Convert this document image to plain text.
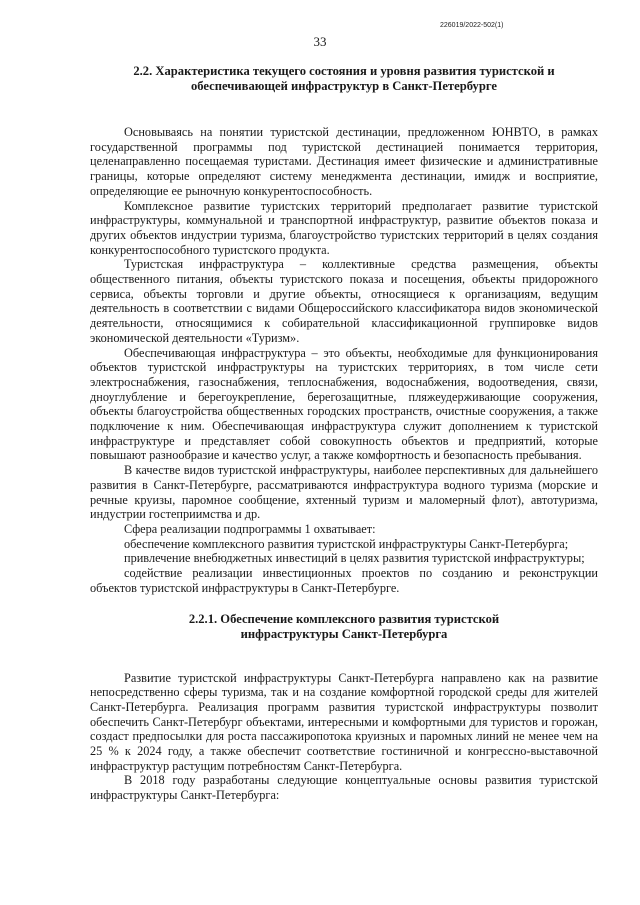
226019/2022-502(1)
33
2.2. Характеристика текущего состояния и уровня развития туристской и обеспечивающей инфраструктур в Санкт-Петербурге

Основываясь на понятии туристской дестинации, предложенном ЮНВТО, в рамках государственной программы под туристской дестинацией понимается территория, целенаправленно посещаемая туристами. Дестинация имеет физические и административные границы, которые определяют систему менеджмента дестинации, имидж и восприятие, определяющие ее рыночную конкурентоспособность.

Комплексное развитие туристских территорий предполагает развитие туристской инфраструктуры, коммунальной и транспортной инфраструктур, развитие объектов показа и других объектов индустрии туризма, благоустройство туристских территорий в целях создания конкурентоспособного туристского продукта.

Туристская инфраструктура – коллективные средства размещения, объекты общественного питания, объекты туристского показа и посещения, объекты придорожного сервиса, объекты торговли и другие объекты, относящиеся к организациям, ведущим деятельность в соответствии с видами Общероссийского классификатора видов экономической деятельности, относящимися к собирательной классификационной группировке видов экономической деятельности «Туризм».

Обеспечивающая инфраструктура – это объекты, необходимые для функционирования объектов туристской инфраструктуры на туристских территориях, в том числе сети электроснабжения, газоснабжения, теплоснабжения, водоснабжения, водоотведения, связи, дноуглубление и берегоукрепление, берегозащитные, пляжеудерживающие сооружения, объекты благоустройства общественных городских пространств, очистные сооружения, а также подключение к ним. Обеспечивающая инфраструктура служит дополнением к туристской инфраструктуре и представляет собой совокупность объектов и предприятий, которые повышают разнообразие и качество услуг, а также комфортность и безопасность пребывания.

В качестве видов туристской инфраструктуры, наиболее перспективных для дальнейшего развития в Санкт-Петербурге, рассматриваются инфраструктура водного туризма (морские и речные круизы, паромное сообщение, яхтенный туризм и маломерный флот), автотуризма, индустрии гостеприимства и др.

Сфера реализации подпрограммы 1 охватывает:

обеспечение комплексного развития туристской инфраструктуры Санкт-Петербурга;

привлечение внебюджетных инвестиций в целях развития туристской инфраструктуры;

содействие реализации инвестиционных проектов по созданию и реконструкции объектов туристской инфраструктуры в Санкт-Петербурге.

2.2.1. Обеспечение комплексного развития туристской инфраструктуры Санкт-Петербурга

Развитие туристской инфраструктуры Санкт-Петербурга направлено как на развитие непосредственно сферы туризма, так и на создание комфортной городской среды для жителей Санкт-Петербурга. Реализация программ развития туристской инфраструктуры позволит обеспечить Санкт-Петербург объектами, интересными и комфортными для туристов и горожан, создаст предпосылки для роста пассажиропотока круизных и паромных линий не менее чем на 25 % к 2024 году, а также обеспечит соответствие гостиничной и конгрессно-выставочной инфраструктур растущим потребностям Санкт-Петербурга.

В 2018 году разработаны следующие концептуальные основы развития туристской инфраструктуры Санкт-Петербурга:
